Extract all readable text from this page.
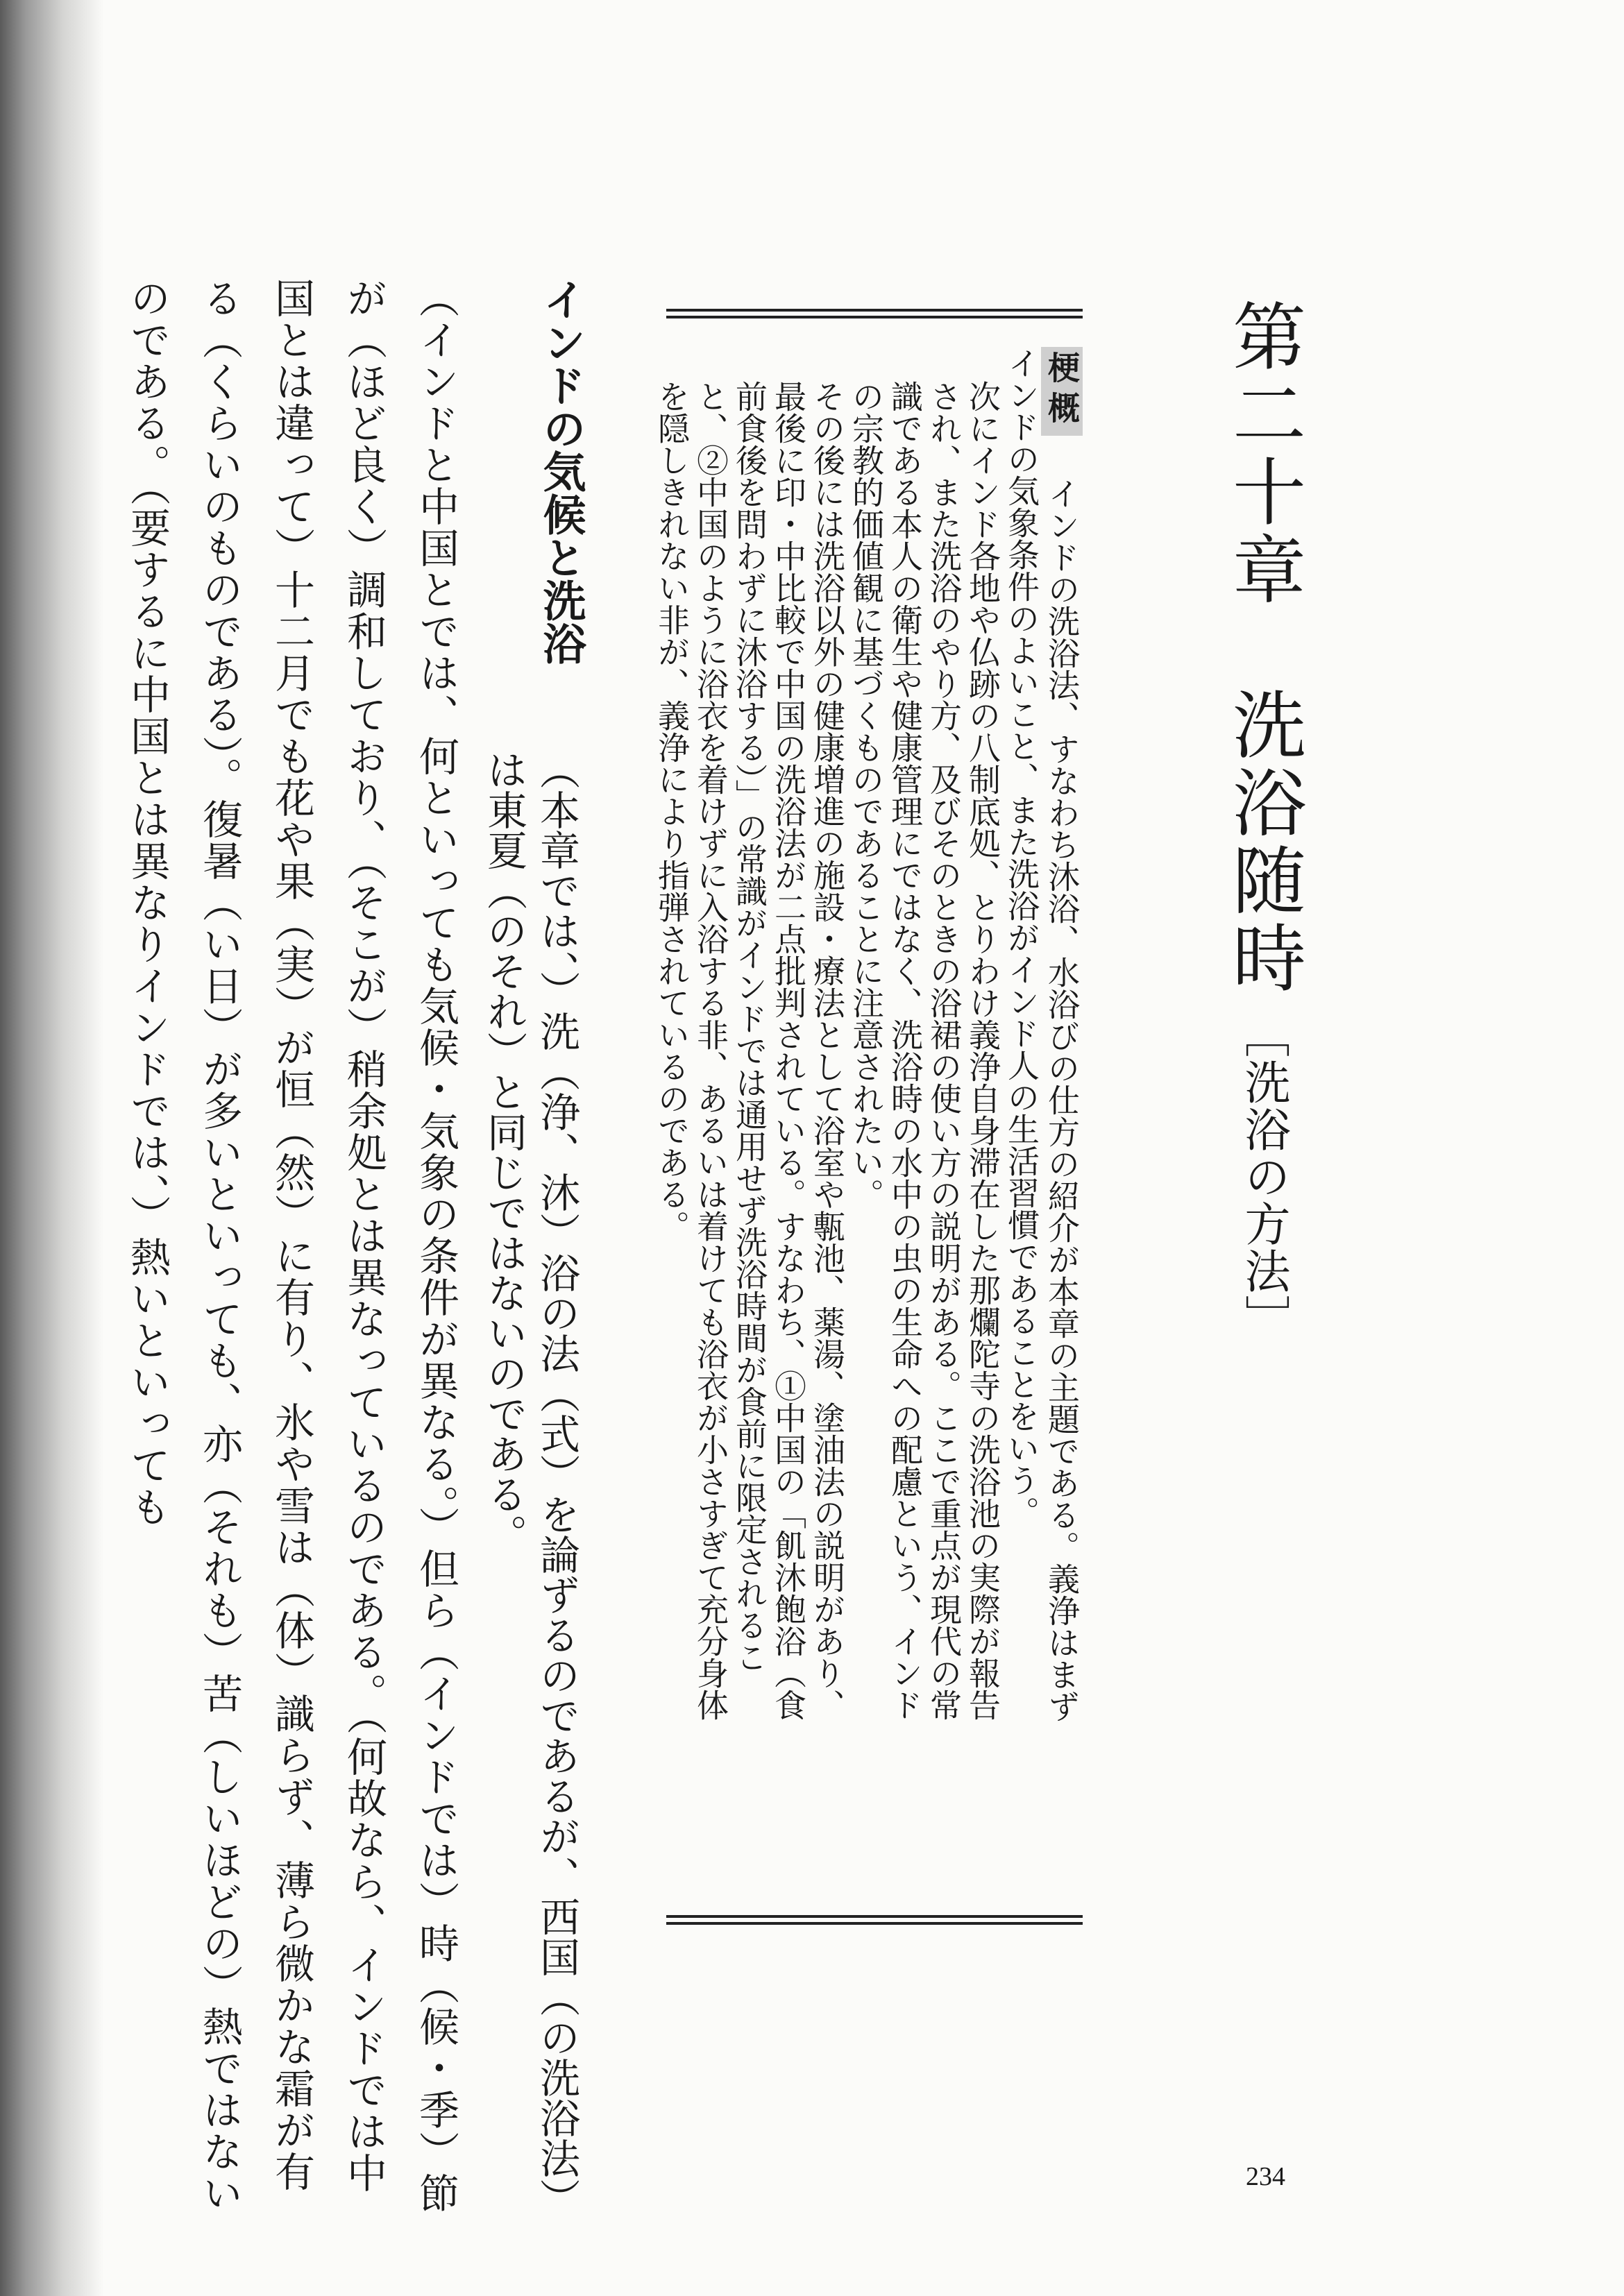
第二十章　洗浴随時［洗浴の方法］

梗概　インドの洗浴法、すなわち沐浴、水浴びの仕方の紹介が本章の主題である。義浄はまずインドの気象条件のよいこと、また洗浴がインド人の生活習慣であることをいう。

次にインド各地や仏跡の八制底処、とりわけ義浄自身滞在した那爛陀寺の洗浴池の実際が報告され、また洗浴のやり方、及びそのときの浴裙の使い方の説明がある。ここで重点が現代の常識である本人の衛生や健康管理にではなく、洗浴時の水中の虫の生命への配慮という、インドの宗教的価値観に基づくものであることに注意されたい。

その後には洗浴以外の健康増進の施設・療法として浴室や甎池、薬湯、塗油法の説明があり、最後に印・中比較で中国の洗浴法が二点批判されている。すなわち、①中国の「飢沐飽浴（食前食後を問わずに沐浴する）」の常識がインドでは通用せず洗浴時間が食前に限定されること、②中国のように浴衣を着けずに入浴する非、あるいは着けても浴衣が小さすぎて充分身体を隠しきれない非が、義浄により指弾されているのである。

インドの気候と洗浴
（本章では、）洗（浄、沐）浴の法（式）を論ずるのであるが、西国（の洗浴法）は東夏（のそれ）と同じではないのである。

（インドと中国とでは、何といっても気候・気象の条件が異なる。）但ら（インドでは）時（候・季）節が（ほど良く）調和しており、（そこが）稍余処とは異なっているのである。（何故なら、インドでは中国とは違って）十二月でも花や果（実）が恒（然）に有り、氷や雪は（体）識らず、薄ら微かな霜が有る（くらいのものである）。復暑（い日）が多いといっても、亦（それも）苦（しいほどの）熱ではないのである。（要するに中国とは異なりインドでは、）熱いといっても

234
